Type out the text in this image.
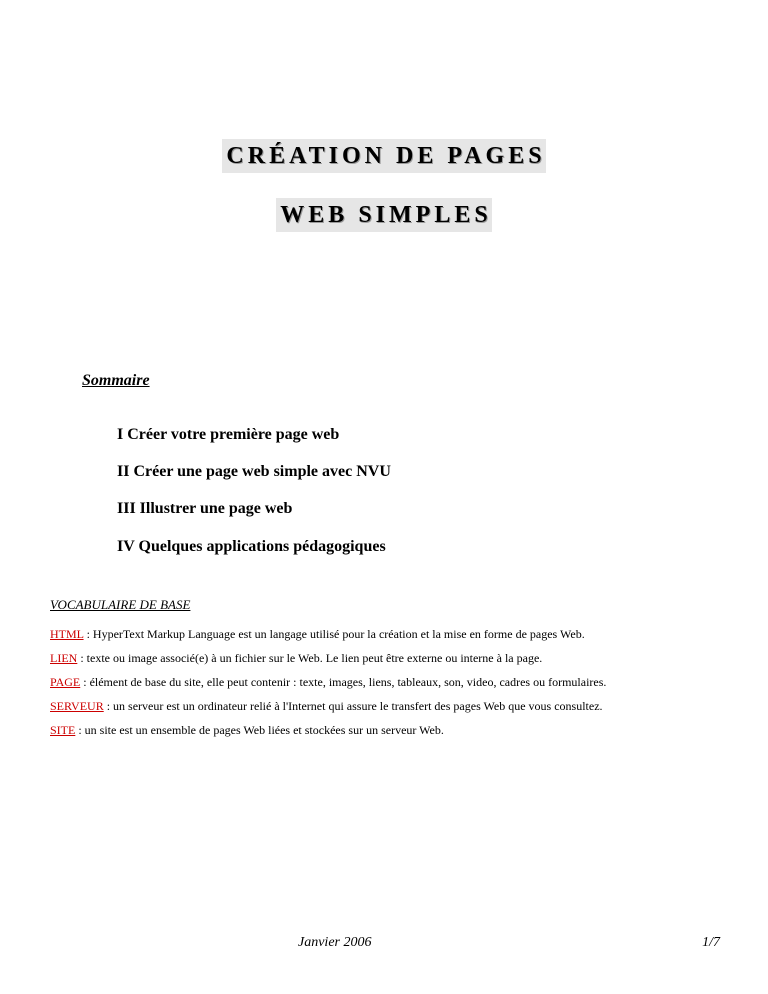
CRÉATION DE PAGES
WEB SIMPLES
Sommaire
I Créer votre première page web
II Créer une page web simple avec NVU
III Illustrer une page web
IV Quelques applications pédagogiques
VOCABULAIRE DE BASE
HTML : HyperText Markup Language est un langage utilisé pour la création et la mise en forme de pages Web.
LIEN : texte ou image associé(e) à un fichier sur le Web. Le lien peut être externe ou interne à la page.
PAGE : élément de base du site, elle peut contenir : texte, images, liens, tableaux, son, video, cadres ou formulaires.
SERVEUR : un serveur est un ordinateur relié à l'Internet qui assure le transfert des pages Web que vous consultez.
SITE : un site est un ensemble de pages Web liées et stockées sur un serveur Web.
Janvier 2006	1/7
